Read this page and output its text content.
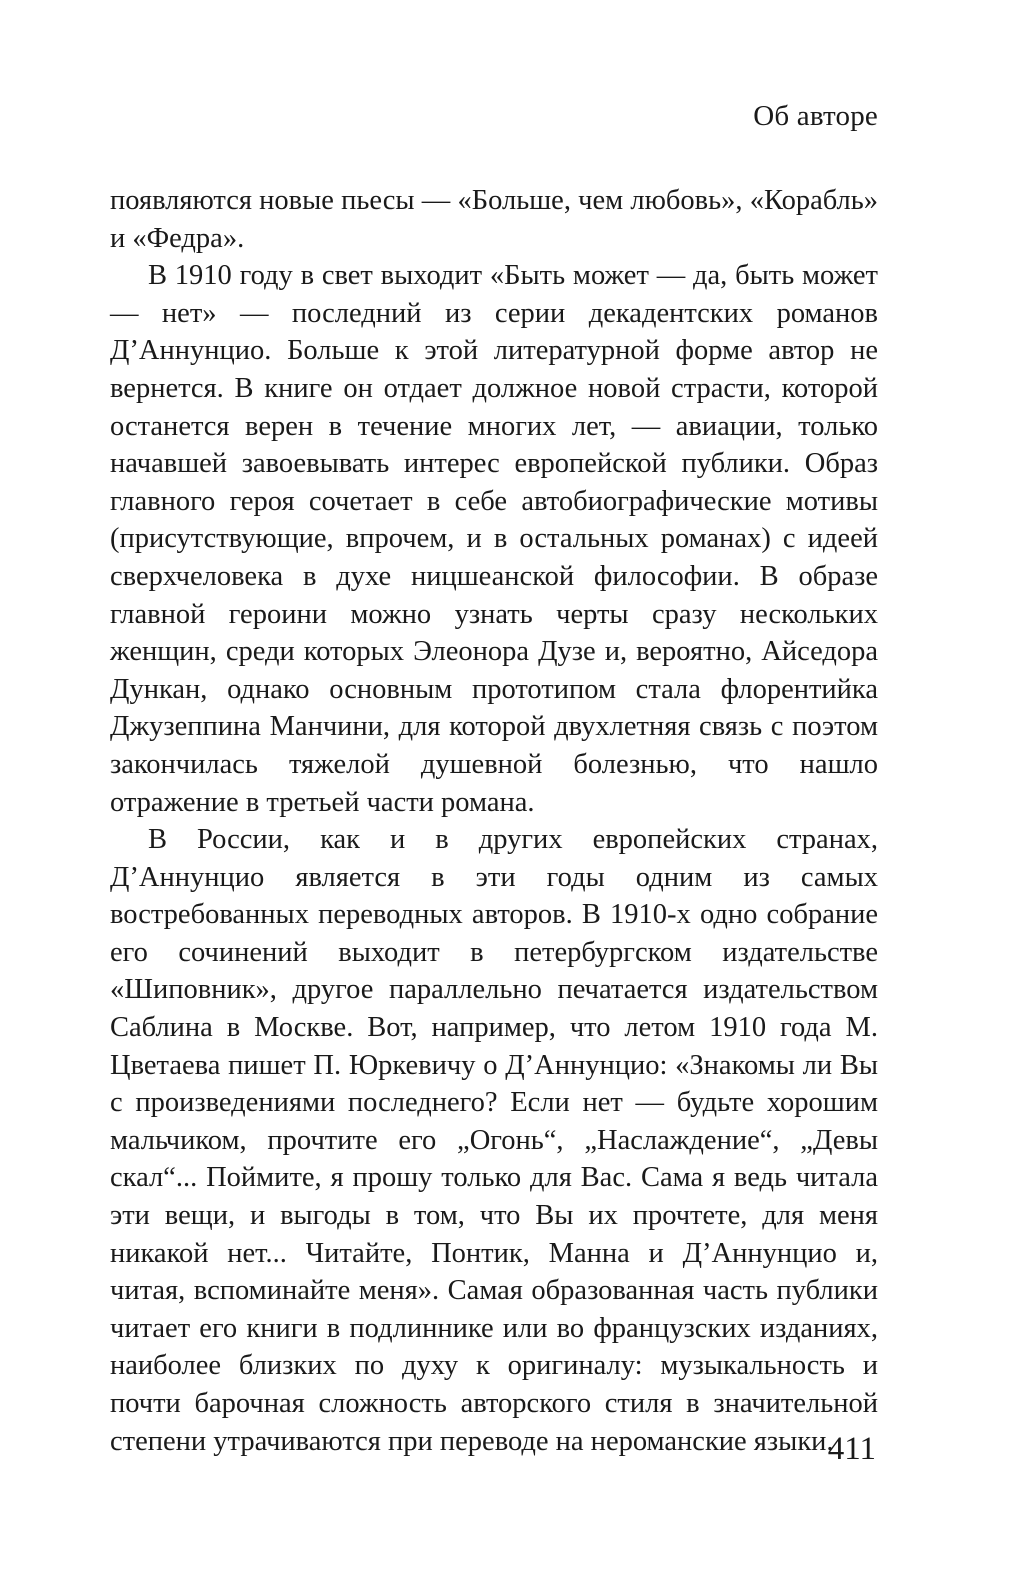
Об авторе

появляются новые пьесы — «Больше, чем любовь», «Корабль» и «Федра».

В 1910 году в свет выходит «Быть может — да, быть может — нет» — последний из серии декадентских романов Д’Аннунцио. Больше к этой литературной форме автор не вернется. В книге он отдает должное новой страсти, которой останется верен в течение многих лет, — авиации, только начавшей завоевывать интерес европейской публики. Образ главного героя сочетает в себе автобиографические мотивы (присутствующие, впрочем, и в остальных романах) с идеей сверхчеловека в духе ницшеанской философии. В образе главной героини можно узнать черты сразу нескольких женщин, среди которых Элеонора Дузе и, вероятно, Айседора Дункан, однако основным прототипом стала флорентийка Джузеппина Манчини, для которой двухлетняя связь с поэтом закончилась тяжелой душевной болезнью, что нашло отражение в третьей части романа.

В России, как и в других европейских странах, Д’Аннунцио является в эти годы одним из самых востребованных переводных авторов. В 1910-х одно собрание его сочинений выходит в петербургском издательстве «Шиповник», другое параллельно печатается издательством Саблина в Москве. Вот, например, что летом 1910 года М. Цветаева пишет П. Юркевичу о Д’Аннунцио: «Знакомы ли Вы с произведениями последнего? Если нет — будьте хорошим мальчиком, прочтите его „Огонь“, „Наслаждение“, „Девы скал“... Поймите, я прошу только для Вас. Сама я ведь читала эти вещи, и выгоды в том, что Вы их прочтете, для меня никакой нет... Читайте, Понтик, Манна и Д’Аннунцио и, читая, вспоминайте меня». Самая образованная часть публики читает его книги в подлиннике или во французских изданиях, наиболее близких по духу к оригиналу: музыкальность и почти барочная сложность авторского стиля в значительной степени утрачиваются при переводе на нероманские языки.

411
